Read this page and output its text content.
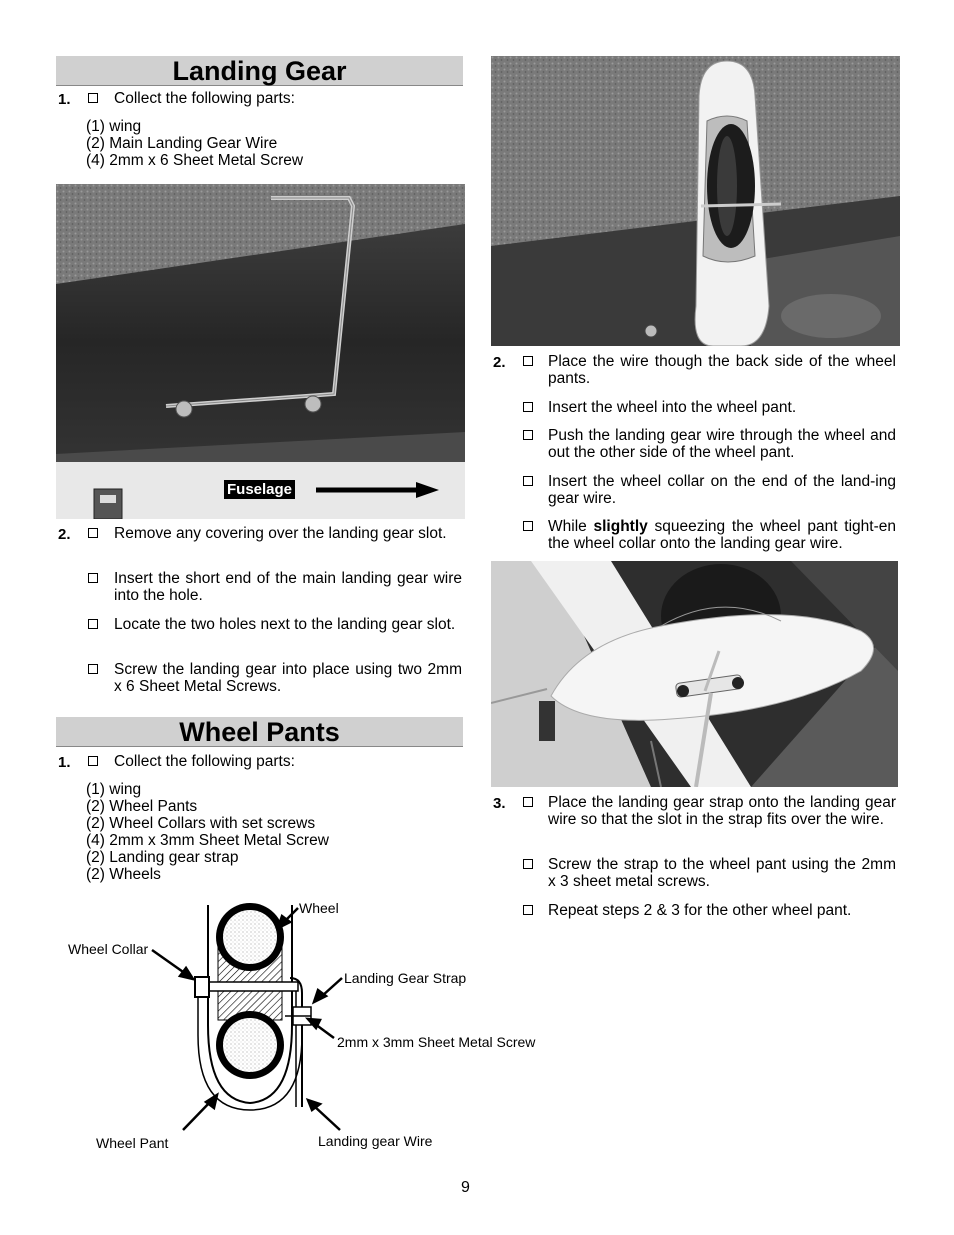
Landing Gear
1.	Collect the following parts:
(1) wing
(2) Main Landing Gear Wire
(4) 2mm x 6 Sheet Metal Screw
Fuselage
2.	Remove any covering over the landing gear slot.
Insert the short end of the main landing gear wire into the hole.
Locate the two holes next to the landing gear slot.
Screw the landing gear into place using two 2mm x 6 Sheet Metal Screws.
Wheel Pants
1.	Collect the following parts:
(1) wing
(2) Wheel Pants
(2) Wheel Collars with set screws
(4) 2mm x 3mm Sheet Metal Screw
(2) Landing gear strap
(2) Wheels
Wheel
Wheel Collar
Landing Gear Strap
2mm x 3mm Sheet Metal Screw
Wheel Pant	Landing gear Wire
2.	Place the wire though the back side of the wheel pants.
Insert the wheel into the wheel pant.
Push the landing gear wire through the wheel and out the other side of the wheel pant.
Insert the wheel collar on the end of the land-ing gear wire.
While slightly squeezing the wheel pant tight-en the wheel collar onto the landing gear wire.
3.	Place the landing gear strap onto the landing gear wire so that the slot in the strap fits over the wire.
Screw the strap to the wheel pant using the 2mm x 3 sheet metal screws.
Repeat steps 2 & 3 for the other wheel pant.
9
